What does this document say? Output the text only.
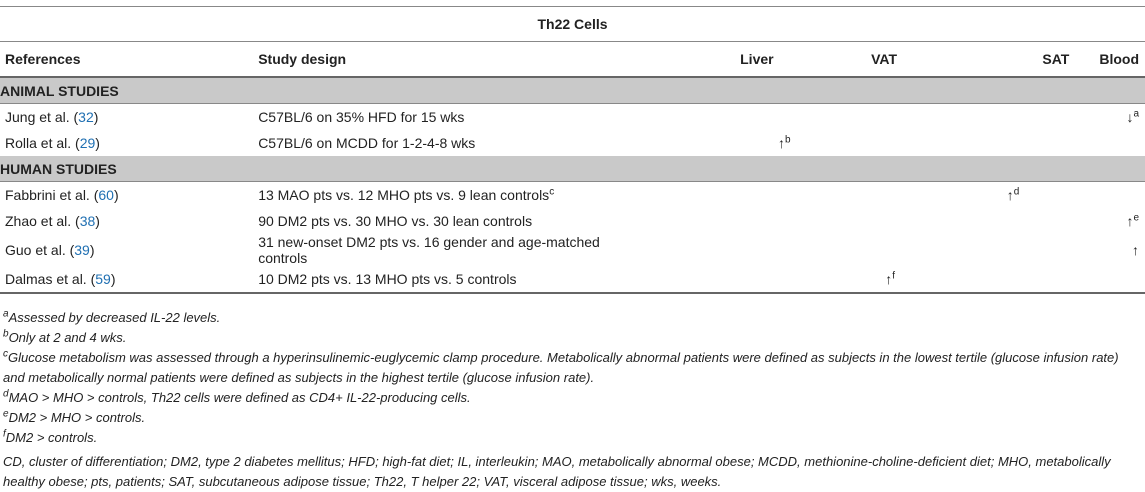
Th22 Cells					
References	Study design	Liver	VAT	SAT	Blood
ANIMAL STUDIES					
Jung et al. (32)	C57BL/6 on 35% HFD for 15 wks				↓$^a$
Rolla et al. (29)	C57BL/6 on MCDD for 1-2-4-8 wks	↑$^b$			
HUMAN STUDIES					
Fabbrini et al. (60)	13 MAO pts vs. 12 MHO pts vs. 9 lean controls$^c$			↑$^d$	
Zhao et al. (38)	90 DM2 pts vs. 30 MHO vs. 30 lean controls				↑$^e$
Guo et al. (39)	31 new-onset DM2 pts vs. 16 gender and age-matched controls				↑
Dalmas et al. (59)	10 DM2 pts vs. 13 MHO pts vs. 5 controls		↑$^f$		

$^a$Assessed by decreased IL-22 levels.

$^b$Only at 2 and 4 wks.

$^c$Glucose metabolism was assessed through a hyperinsulinemic-euglycemic clamp procedure. Metabolically abnormal patients were defined as subjects in the lowest tertile (glucose infusion rate) and metabolically normal patients were defined as subjects in the highest tertile (glucose infusion rate).

$^d$MAO > MHO > controls, Th22 cells were defined as CD4+ IL-22-producing cells.

$^e$DM2 > MHO > controls.

$^f$DM2 > controls.

CD, cluster of differentiation; DM2, type 2 diabetes mellitus; HFD; high-fat diet; IL, interleukin; MAO, metabolically abnormal obese; MCDD, methionine-choline-deficient diet; MHO, metabolically healthy obese; pts, patients; SAT, subcutaneous adipose tissue; Th22, T helper 22; VAT, visceral adipose tissue; wks, weeks.
